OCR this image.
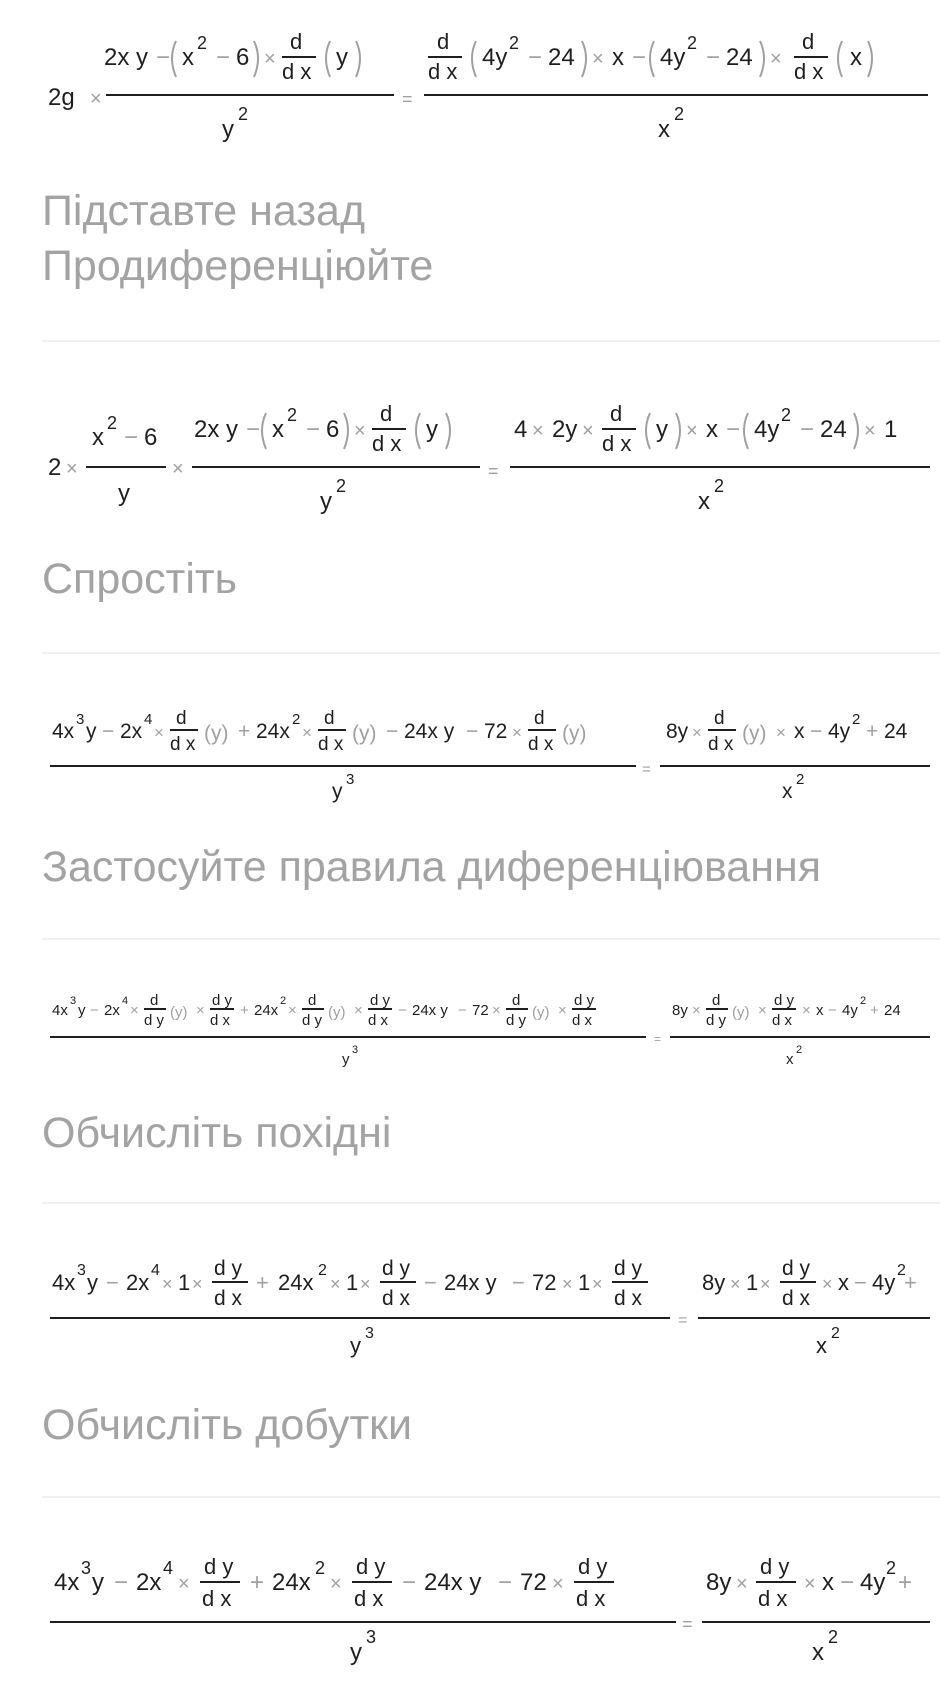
2g ×
2x y − x
2
− 6 ×
d
d x
y
y
2
=
d
d x
4y
2
− 24 × x − 4y
2
− 24 ×
d
d x
x
x
2
Підставте назад
Продиференціюйте
2 ×
x
2
− 6
y
×
2x y − x
2
− 6 ×
d
d x
y
y
2
=
4 × 2y ×
d
d x
y × x − 4y
2
− 24 × 1
x
2
Спростіть
4x
3
y − 2x
4
×
d
d x (y) + 24x
2
×
d
d x (y) − 24x y − 72 ×
d
d x (y)
y
3
=
8y ×
d
d x (y) × x − 4y
2
+ 24
x
2
Застосуйте правила диференціювання
4x
3
y − 2x
4
×
d
d y (y) ×
d y
d x
+ 24x
2
×
d
d y (y) ×
d y
d x
− 24x y − 72 ×
d
d y (y) ×
d y
d x
y
3
=
8y ×
d
d y (y) ×
d y
d x
× x − 4y
2
+ 24
x
2
Обчисліть похідні
4x 3 y − 2x 4
× 1 ×
d y
d x
+ 24x 2
× 1 ×
d y
d x
− 24x y − 72 × 1 ×
d y
d x
y 3
=
8y × 1 ×
d y
d x
× x − 4y 2
+
x 2
Обчисліть добутки
4x
3
y − 2x
4
×
d y
d x
+ 24x
2
×
d y
d x
− 24x y − 72 ×
d y
d x
y
3
=
8y ×
d y
d x
× x − 4y
2
+
x
2
